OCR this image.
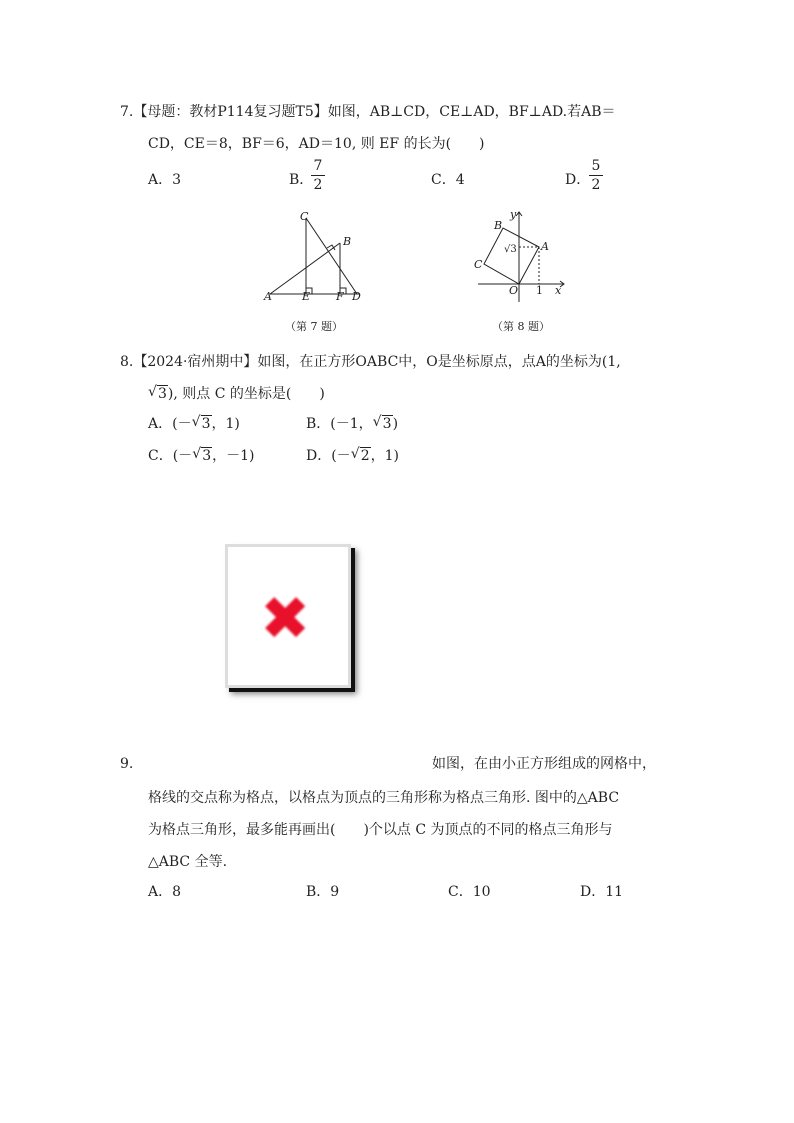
7.【母题：教材P114复习题T5】如图，AB⊥CD，CE⊥AD，BF⊥AD.若AB＝
CD，CE＝8，BF＝6，AD＝10, 则 EF 的长为(　　)
A．3	B．
7
2	C．4	D．
5
2
C
B
A	E F D
（第 7 题）
y
B
A
C
O 1 x
√3
（第 8 题）
8.【2024·宿州期中】如图，在正方形OABC中，O是坐标原点，点A的坐标为(1,
√ 3), 则点 C 的坐标是(　　)
A．(－ √ 3，1)	B．(－1， √ 3)
C．(－ √ 3，－1)	D．(－ √ 2，1)
✖
9.	如图，在由小正方形组成的网格中，
格线的交点称为格点，以格点为顶点的三角形称为格点三角形. 图中的△ABC
为格点三角形，最多能再画出(　　)个以点 C 为顶点的不同的格点三角形与
△ABC 全等.
A．8	B．9	C．10	D．11
